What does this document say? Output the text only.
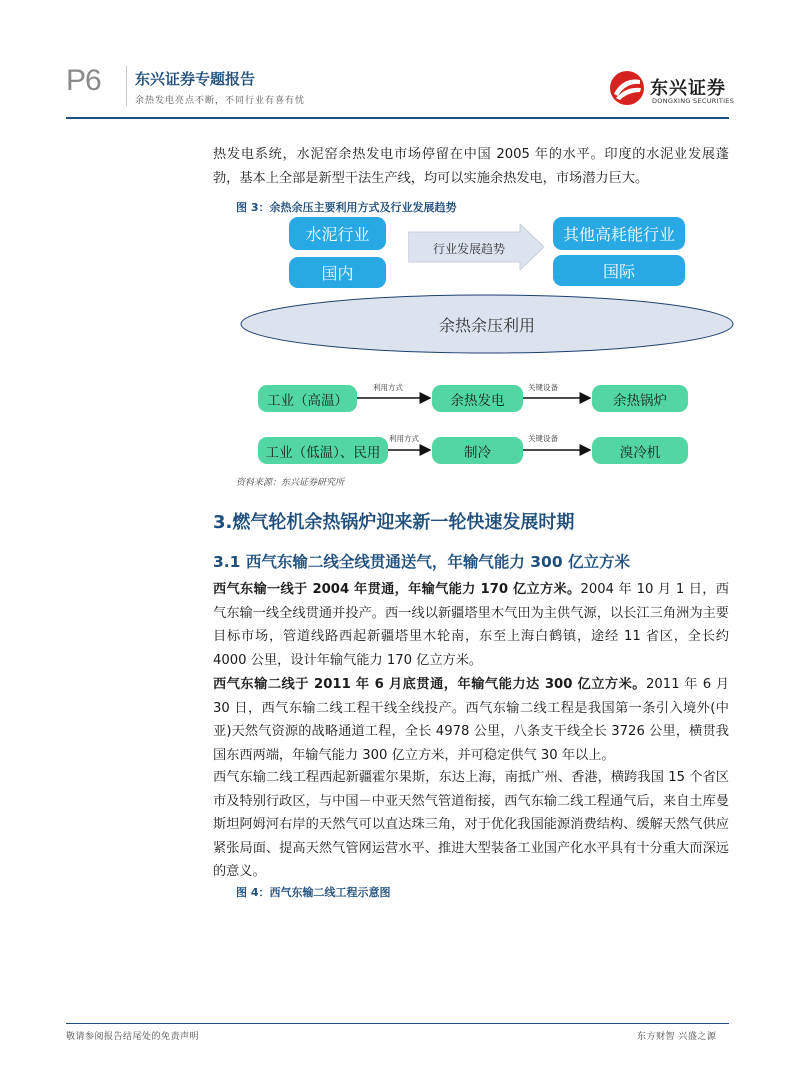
P6 东兴证券专题报告
余热发电亮点不断，不同行业有喜有忧
东兴证券
DONGXING SECURITIES
热发电系统，水泥窑余热发电市场停留在中国 2005 年的水平。印度的水泥业发展蓬勃，基本上全部是新型干法生产线，均可以实施余热发电，市场潜力巨大。
图 3：余热余压主要利用方式及行业发展趋势
水泥行业
国内
行业发展趋势
其他高耗能行业
国际
余热余压利用
工业（高温）
利用方式
余热发电
关键设备
余热锅炉
工业（低温）、民用
利用方式
制冷
关键设备
溴冷机
资料来源：东兴证券研究所
3.燃气轮机余热锅炉迎来新一轮快速发展时期
3.1 西气东输二线全线贯通送气，年输气能力 300 亿立方米
西气东输一线于 2004 年贯通，年输气能力 170 亿立方米。2004 年 10 月 1 日，西气东输一线全线贯通并投产。西一线以新疆塔里木气田为主供气源，以长江三角洲为主要目标市场，管道线路西起新疆塔里木轮南，东至上海白鹤镇，途经 11 省区，全长约 4000 公里，设计年输气能力 170 亿立方米。
西气东输二线于 2011 年 6 月底贯通，年输气能力达 300 亿立方米。2011 年 6 月 30 日，西气东输二线工程干线全线投产。西气东输二线工程是我国第一条引入境外(中亚)天然气资源的战略通道工程，全长 4978 公里，八条支干线全长 3726 公里，横贯我国东西两端，年输气能力 300 亿立方米，并可稳定供气 30 年以上。
西气东输二线工程西起新疆霍尔果斯，东达上海，南抵广州、香港，横跨我国 15 个省区市及特别行政区，与中国－中亚天然气管道衔接，西气东输二线工程通气后，来自土库曼斯坦阿姆河右岸的天然气可以直达珠三角，对于优化我国能源消费结构、缓解天然气供应紧张局面、提高天然气管网运营水平、推进大型装备工业国产化水平具有十分重大而深远的意义。
图 4：西气东输二线工程示意图
敬请参阅报告结尾处的免责声明	东方财智 兴盛之源
